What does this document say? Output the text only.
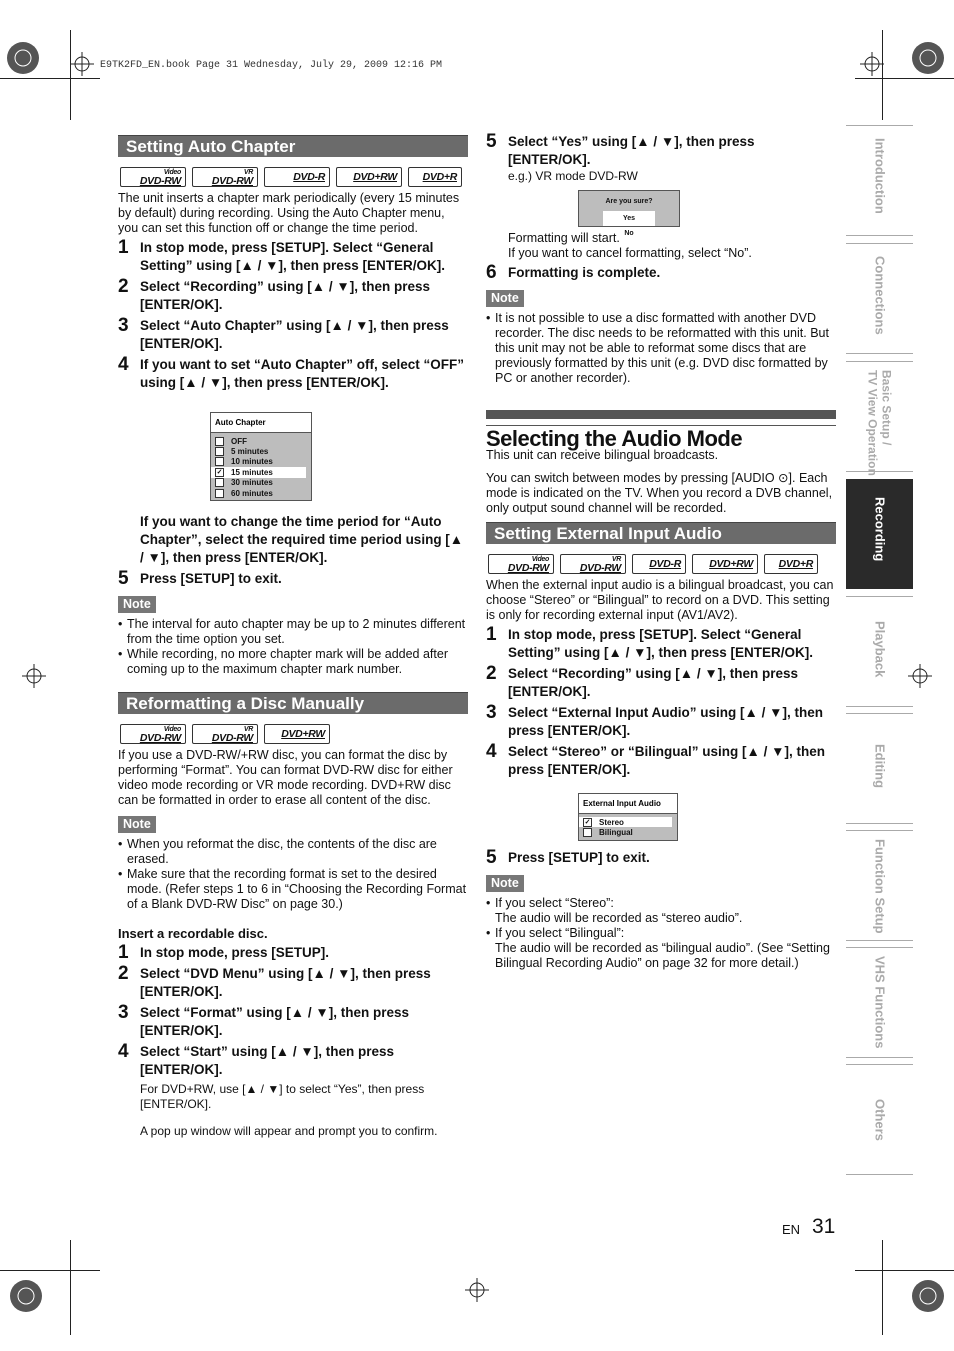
E9TK2FD_EN.book Page 31 Wednesday, July 29, 2009 12:16 PM
Setting Auto Chapter
Video
DVD-RW
VR
DVD-RW	DVD-R	DVD+RW DVD+R

The unit inserts a chapter mark periodically (every 15 minutes by default) during recording. Using the Auto Chapter menu, you can set this function off or change the time period.

1 In stop mode, press [SETUP]. Select “General Setting” using [▲ / ▼], then press [ENTER/OK].
2 Select “Recording” using [▲ / ▼], then press [ENTER/OK].
3 Select “Auto Chapter” using [▲ / ▼], then press [ENTER/OK].
4 If you want to set “Auto Chapter” off, select “OFF” using [▲ / ▼], then press [ENTER/OK].
Auto Chapter
OFF
5 minutes
10 minutes
✓ 15 minutes
30 minutes
60 minutes
If you want to change the time period for “Auto Chapter”, select the required time period using [▲ / ▼], then press [ENTER/OK].
5 Press [SETUP] to exit.
Note
• The interval for auto chapter may be up to 2 minutes different from the time option you set.
• While recording, no more chapter mark will be added after coming up to the maximum chapter mark number.
Reformatting a Disc Manually
Video
DVD-RW
VR
DVD-RW	DVD+RW

If you use a DVD-RW/+RW disc, you can format the disc by performing “Format”. You can format DVD-RW disc for either video mode recording or VR mode recording. DVD+RW disc can be formatted in order to erase all content of the disc.

Note
• When you reformat the disc, the contents of the disc are erased.
• Make sure that the recording format is set to the desired mode. (Refer steps 1 to 6 in “Choosing the Recording Format of a Blank DVD-RW Disc” on page 30.)

Insert a recordable disc.

1 In stop mode, press [SETUP].
2 Select “DVD Menu” using [▲ / ▼], then press [ENTER/OK].
3 Select “Format” using [▲ / ▼], then press [ENTER/OK].
4 Select “Start” using [▲ / ▼], then press [ENTER/OK].

For DVD+RW, use [▲ / ▼] to select “Yes”, then press [ENTER/OK].

A pop up window will appear and prompt you to confirm.

5 Select “Yes” using [▲ / ▼], then press [ENTER/OK].

e.g.) VR mode DVD-RW

Are you sure?
Yes
No

Formatting will start.

If you want to cancel formatting, select “No”.

6 Formatting is complete.
Note
• It is not possible to use a disc formatted with another DVD recorder. The disc needs to be reformatted with this unit. But this unit may not be able to reformat some discs that are previously formatted by this unit (e.g. DVD disc formatted by PC or another recorder).
Selecting the Audio Mode

This unit can receive bilingual broadcasts.

You can switch between modes by pressing [AUDIO ⊙]. Each mode is indicated on the TV. When you record a DVB channel, only output sound channel will be recorded.

Setting External Input Audio
Video
DVD-RW
VR
DVD-RW	DVD-R	DVD+RW DVD+R

When the external input audio is a bilingual broadcast, you can choose “Stereo” or “Bilingual” to record on a DVD. This setting is only for recording external input (AV1/AV2).

1 In stop mode, press [SETUP]. Select “General Setting” using [▲ / ▼], then press [ENTER/OK].
2 Select “Recording” using [▲ / ▼], then press [ENTER/OK].
3 Select “External Input Audio” using [▲ / ▼], then press [ENTER/OK].
4 Select “Stereo” or “Bilingual” using [▲ / ▼], then press [ENTER/OK].
External Input Audio
✓ Stereo
Bilingual
5 Press [SETUP] to exit.
Note
• If you select “Stereo”:

The audio will be recorded as “stereo audio”.

• If you select “Bilingual”:

The audio will be recorded as “bilingual audio”. (See “Setting Bilingual Recording Audio” on page 32 for more detail.)

Introduction
Connections
Basic Setup /
TV View Operation
Recording
Playback
Editing
Function Setup
VHS Functions
Others
EN 31
